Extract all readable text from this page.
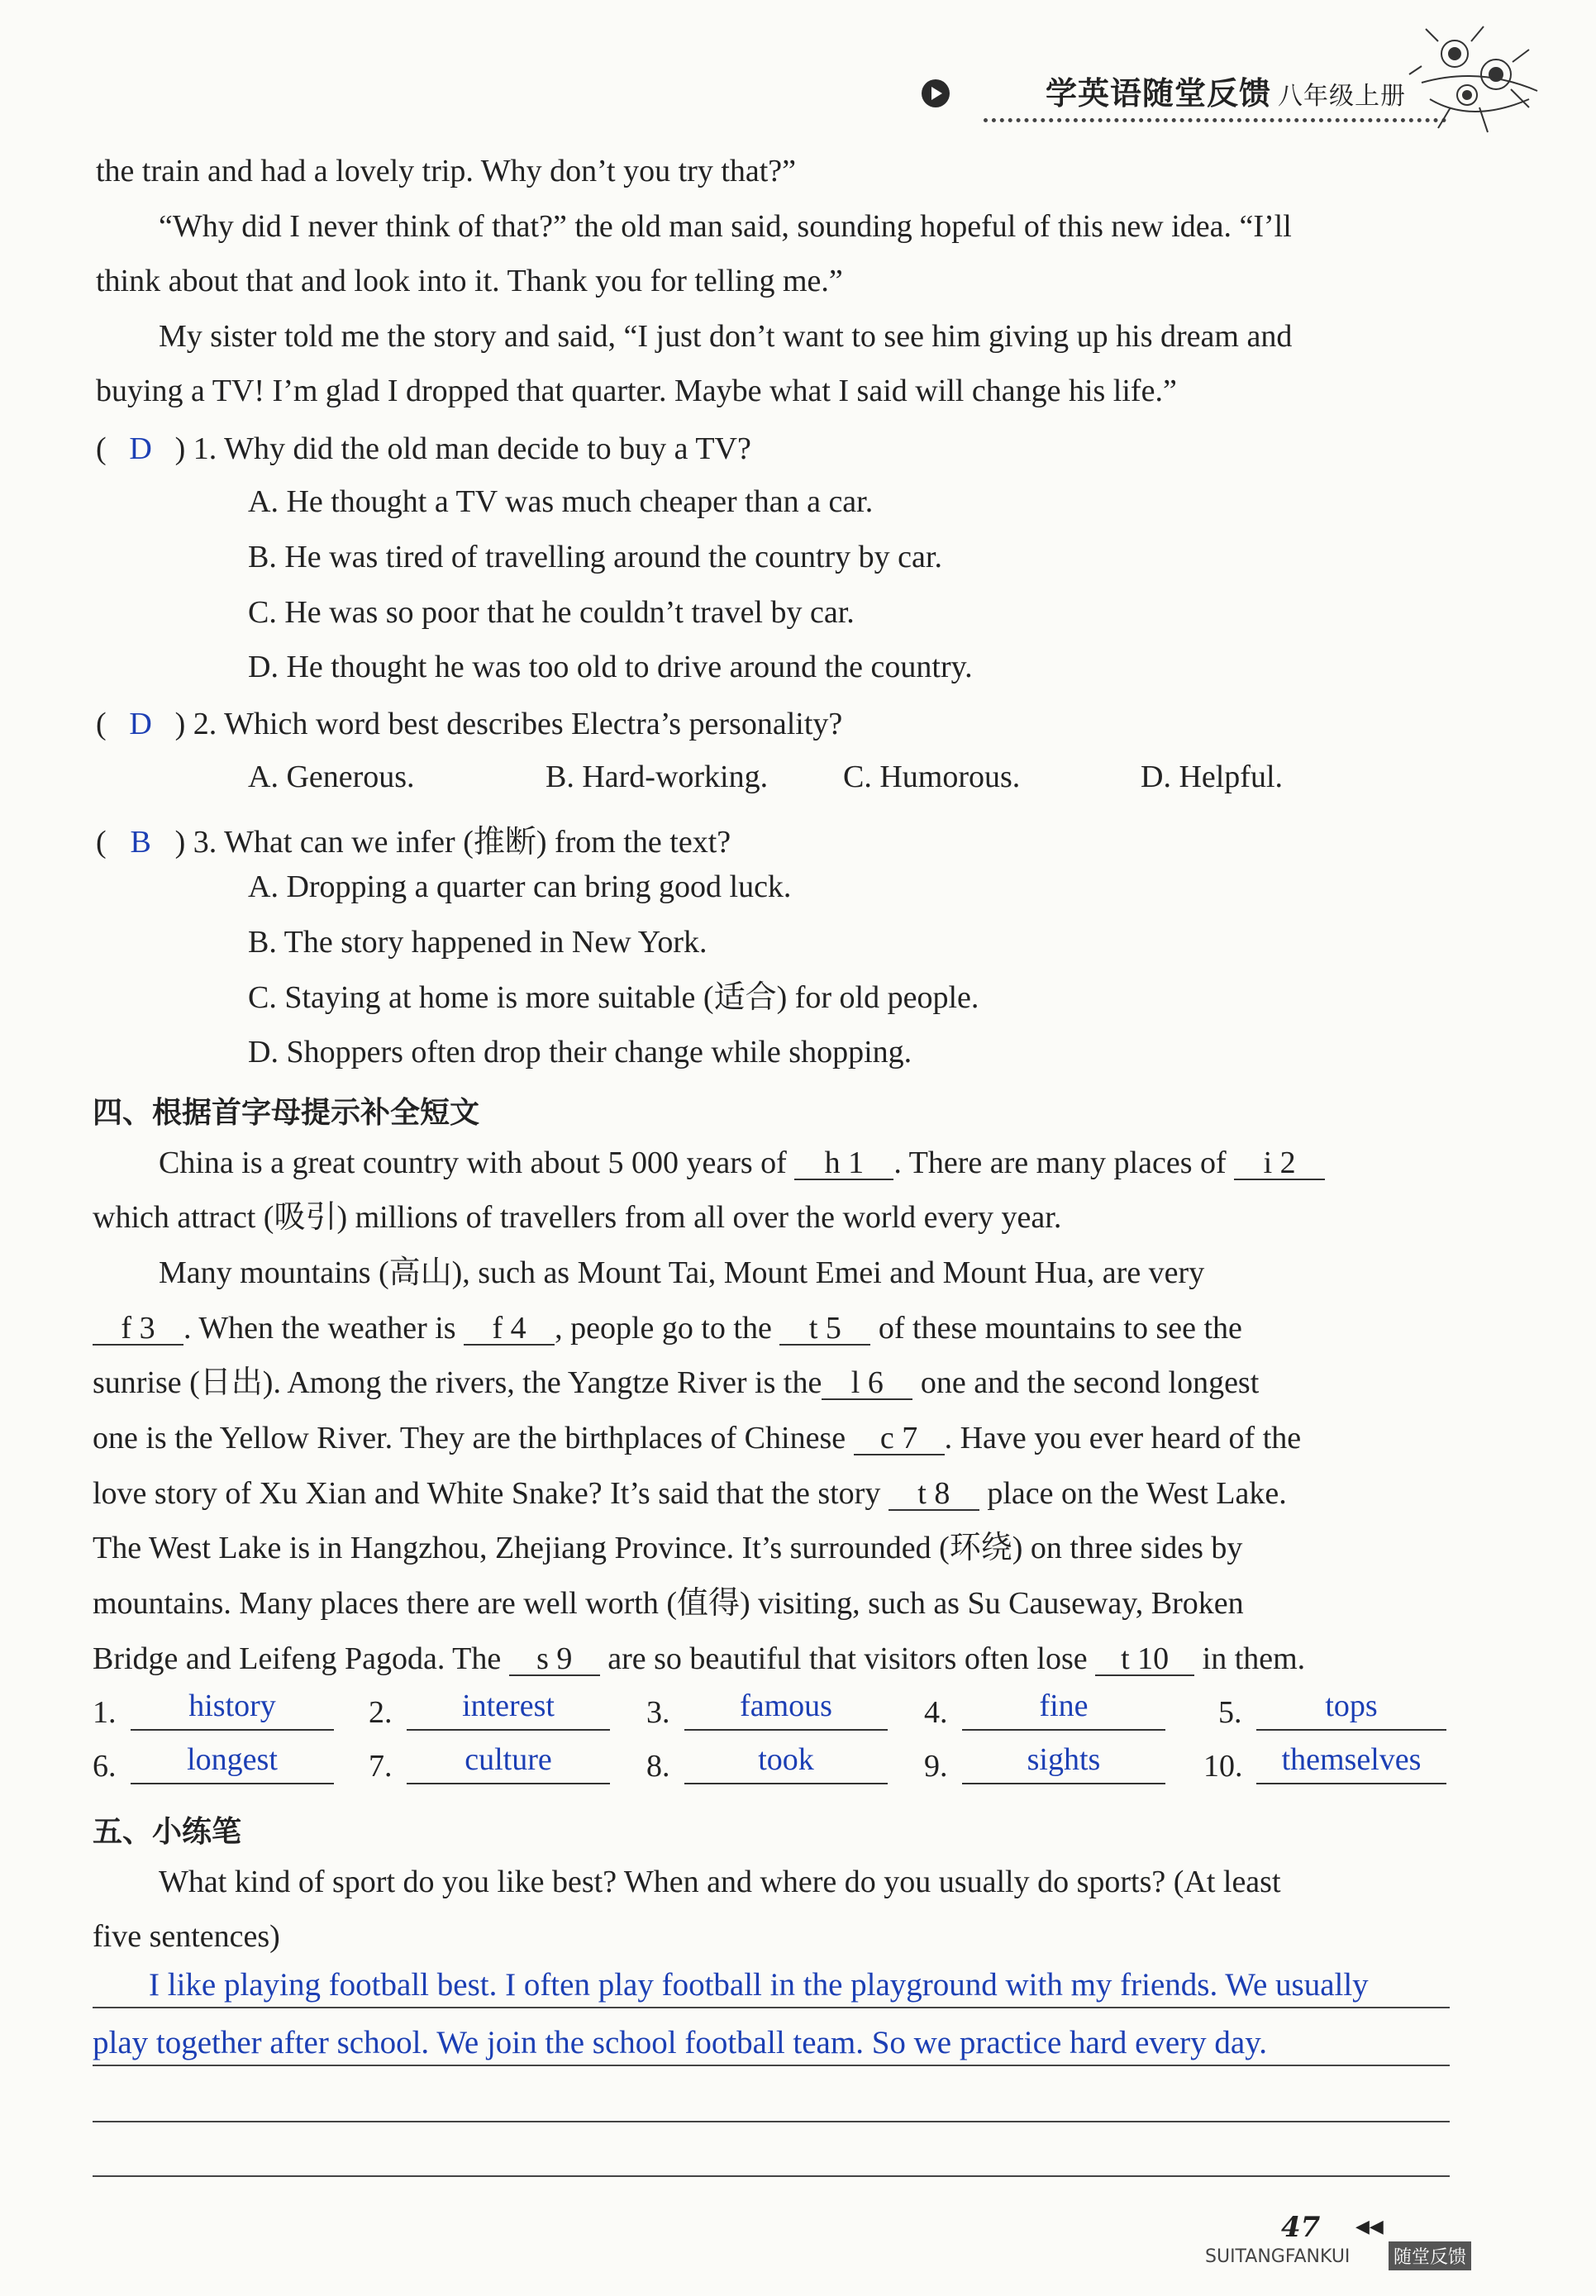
学英语随堂反馈 八年级上册
the train and had a lovely trip. Why don’t you try that?”
“Why did I never think of that?” the old man said, sounding hopeful of this new idea. “I’ll
think about that and look into it. Thank you for telling me.”
My sister told me the story and said, “I just don’t want to see him giving up his dream and
buying a TV! I’m glad I dropped that quarter. Maybe what I said will change his life.”
( D ) 1. Why did the old man decide to buy a TV?
A. He thought a TV was much cheaper than a car.
B. He was tired of travelling around the country by car.
C. He was so poor that he couldn’t travel by car.
D. He thought he was too old to drive around the country.
( D ) 2. Which word best describes Electra’s personality?
A. Generous.	B. Hard-working. C. Humorous.	D. Helpful.
( B ) 3. What can we infer (推断) from the text?
A. Dropping a quarter can bring good luck.
B. The story happened in New York.
C. Staying at home is more suitable (适合) for old people.
D. Shoppers often drop their change while shopping.
四、根据首字母提示补全短文
China is a great country with about 5 000 years of h 1 . There are many places of i 2
which attract (吸引) millions of travellers from all over the world every year.
Many mountains (高山), such as Mount Tai, Mount Emei and Mount Hua, are very
f 3 . When the weather is f 4 , people go to the t 5 of these mountains to see the
sunrise (日出). Among the rivers, the Yangtze River is the l 6 one and the second longest
one is the Yellow River. They are the birthplaces of Chinese c 7 . Have you ever heard of the
love story of Xu Xian and White Snake? It’s said that the story t 8 place on the West Lake.
The West Lake is in Hangzhou, Zhejiang Province. It’s surrounded (环绕) on three sides by
mountains. Many places there are well worth (值得) visiting, such as Su Causeway, Broken
Bridge and Leifeng Pagoda. The s 9 are so beautiful that visitors often lose t 10 in them.
1.	history	2.	interest	3.	famous	4.	fine	5.	tops
6.	longest	7.	culture	8.	took	9.	sights	10.	themselves
五、小练笔
What kind of sport do you like best? When and where do you usually do sports? (At least
five sentences)
I like playing football best. I often play football in the playground with my friends. We usually
play together after school. We join the school football team. So we practice hard every day.
47 ◀◀
SUITANGFANKUI 随堂反馈
